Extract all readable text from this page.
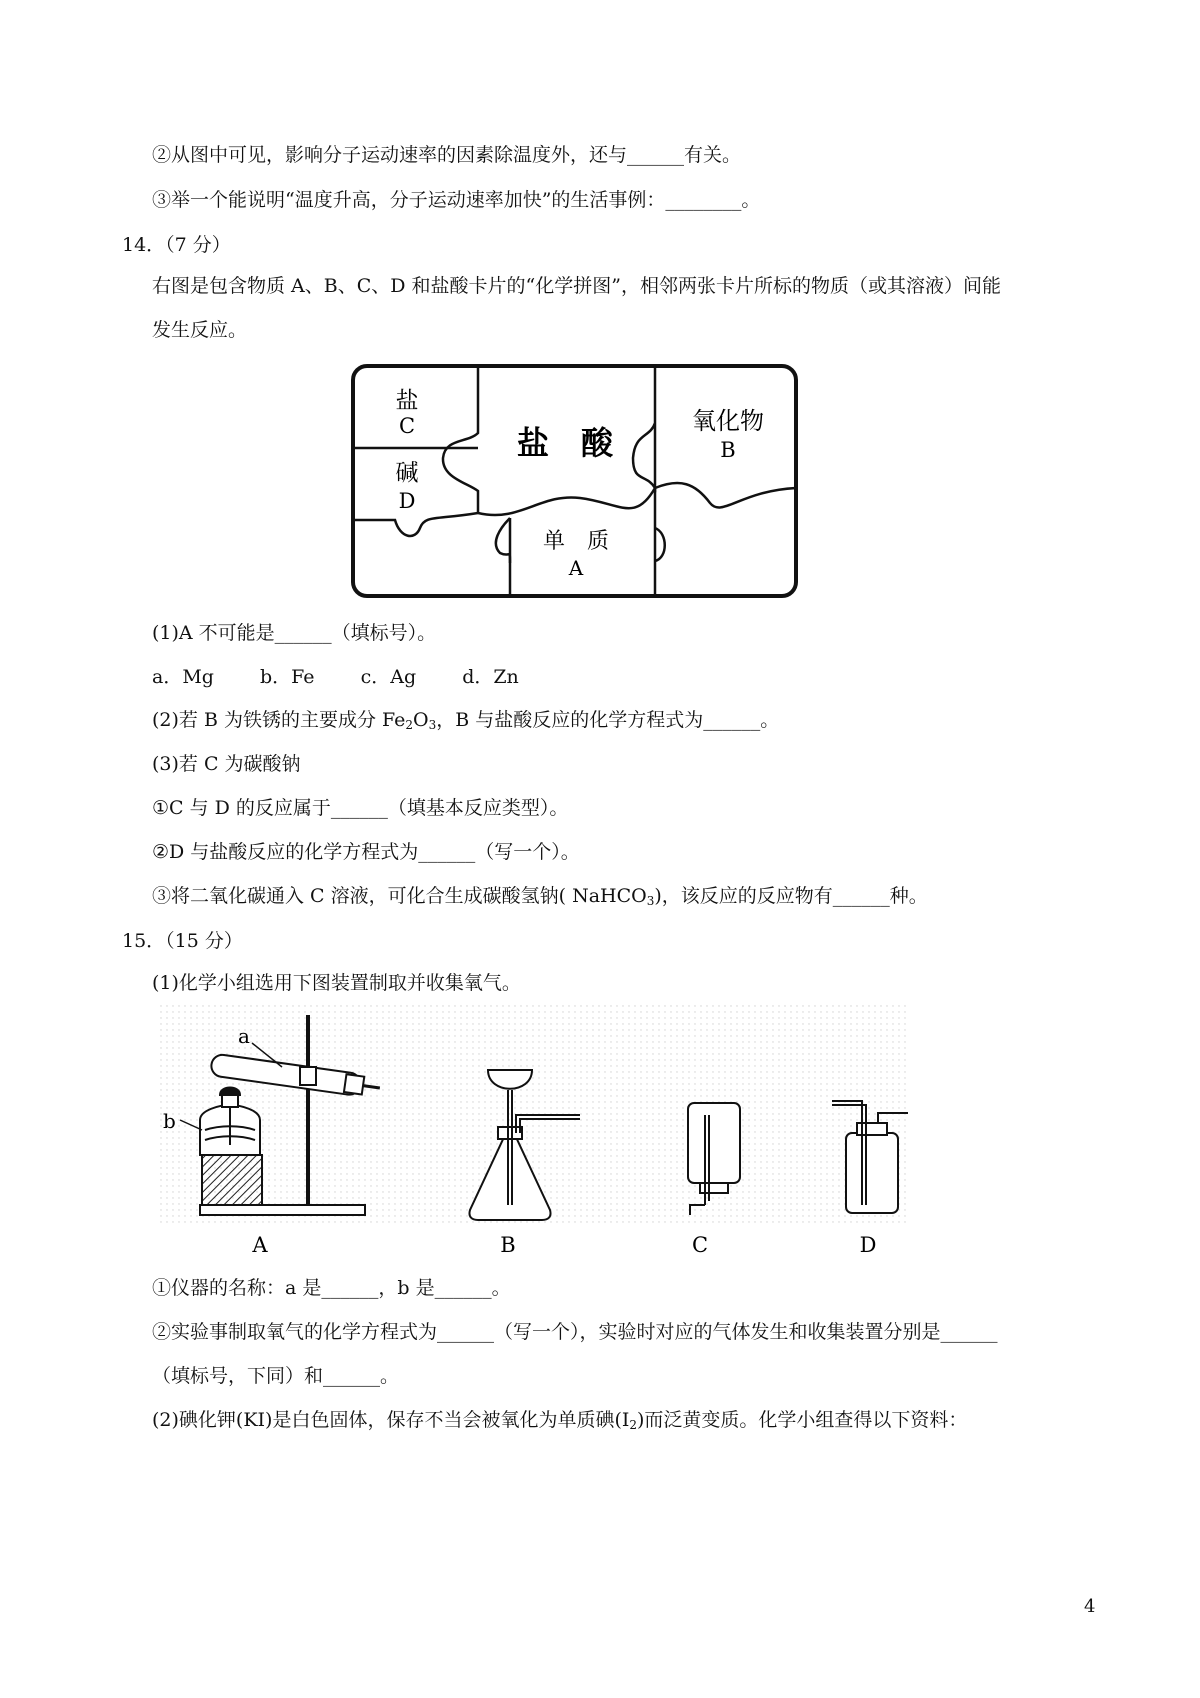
②从图中可见，影响分子运动速率的因素除温度外，还与______有关。
③举一个能说明“温度升高，分子运动速率加快”的生活事例：________。
14．（7 分）
右图是包含物质 A、B、C、D 和盐酸卡片的“化学拼图”，相邻两张卡片所标的物质（或其溶液）间能
发生反应。
盐
C
碱
D
盐　酸
氧化物
B
单　质
A
(1)A 不可能是______（填标号）。
a．Mg b．Fe c．Ag d．Zn
(2)若 B 为铁锈的主要成分 $Fe_2O_3$，B 与盐酸反应的化学方程式为______。
(3)若 C 为碳酸钠
①C 与 D 的反应属于______（填基本反应类型）。
②D 与盐酸反应的化学方程式为______（写一个）。
③将二氧化碳通入 C 溶液，可化合生成碳酸氢钠( NaHCO$_3$)，该反应的反应物有______种。
15．（15 分）
(1)化学小组选用下图装置制取并收集氧气。
a
b
A	B	C	D
①仪器的名称：a 是______，b 是______。
②实验事制取氧气的化学方程式为______（写一个），实验时对应的气体发生和收集装置分别是______
（填标号，下同）和______。
(2)碘化钾(KI)是白色固体，保存不当会被氧化为单质碘$(I_2)$而泛黄变质。化学小组查得以下资料：
4
